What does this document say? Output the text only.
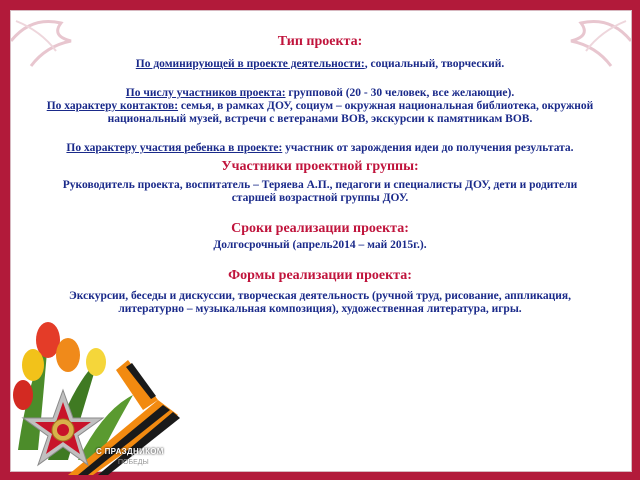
Тип проекта:

По доминирующей в проекте деятельности:, социальный, творческий.
По числу участников проекта: групповой (20 - 30 человек, все желающие).
По характеру контактов: семья, в рамках ДОУ, социум – окружная национальная библиотека, окружной национальный музей, встречи с ветеранами ВОВ, экскурсии к памятникам ВОВ.
По характеру участия ребенка в проекте: участник от зарождения идеи до получения результата.

Участники проектной группы:

Руководитель проекта, воспитатель – Теряева А.П., педагоги и специалисты ДОУ, дети и родители старшей возрастной группы ДОУ.

Сроки реализации проекта:

Долгосрочный (апрель2014 – май 2015г.).

Формы реализации проекта:

Экскурсии, беседы и дискуссии, творческая деятельность (ручной труд, рисование, аппликация, литературно – музыкальная композиция), художественная литература, игры.
С ПРАЗДНИКОМ
ПОБЕДЫ
